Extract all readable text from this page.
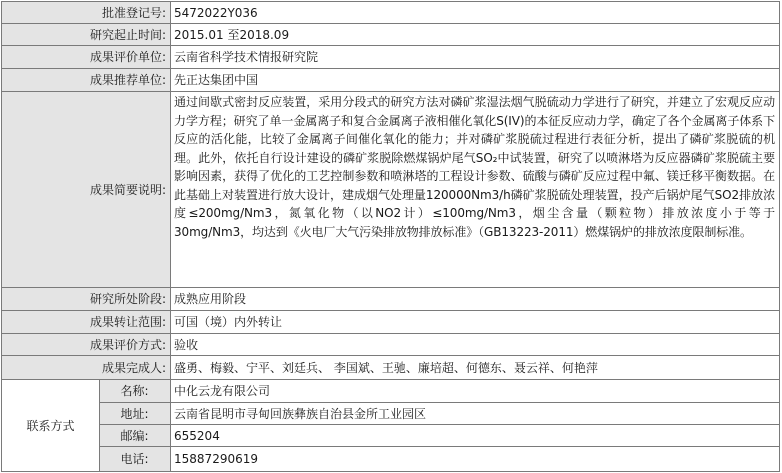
批准登记号:		5472022Y036
研究起止时间:		2015.01 至2018.09
成果评价单位:		云南省科学技术情报研究院
成果推荐单位:		先正达集团中国
成果简要说明:		通过间歇式密封反应装置，采用分段式的研究方法对磷矿浆湿法烟气脱硫动力学进行了研究，并建立了宏观反应动力学方程；研究了单一金属离子和复合金属离子液相催化氧化S(IV)的本征反应动力学，确定了各个金属离子体系下反应的活化能，比较了金属离子间催化氧化的能力；并对磷矿浆脱硫过程进行表征分析，提出了磷矿浆脱硫的机理。此外，依托自行设计建设的磷矿浆脱除燃煤锅炉尾气SO₂中试装置，研究了以喷淋塔为反应器磷矿浆脱硫主要影响因素，获得了优化的工艺控制参数和喷淋塔的工程设计参数、硫酸与磷矿反应过程中氟、镁迁移平衡数据。在此基础上对装置进行放大设计，建成烟气处理量120000Nm3/h磷矿浆脱硫处理装置，投产后锅炉尾气SO2排放浓度≤200mg/Nm3，氮氧化物（以NO2计）≤100mg/Nm3，烟尘含量（颗粒物）排放浓度小于等于30mg/Nm3，均达到《火电厂大气污染排放物排放标准》（GB13223-2011）燃煤锅炉的排放浓度限制标准。
研究所处阶段:		成熟应用阶段
成果转让范围:		可国（境）内外转让
成果评价方式:		验收
成果完成人:		盛勇、梅毅、宁平、刘廷兵、 李国斌、王驰、廉培超、何德东、聂云祥、何艳萍
联系方式	名称:	中化云龙有限公司
	地址:	云南省昆明市寻甸回族彝族自治县金所工业园区
	邮编:	655204
	电话:	15887290619
